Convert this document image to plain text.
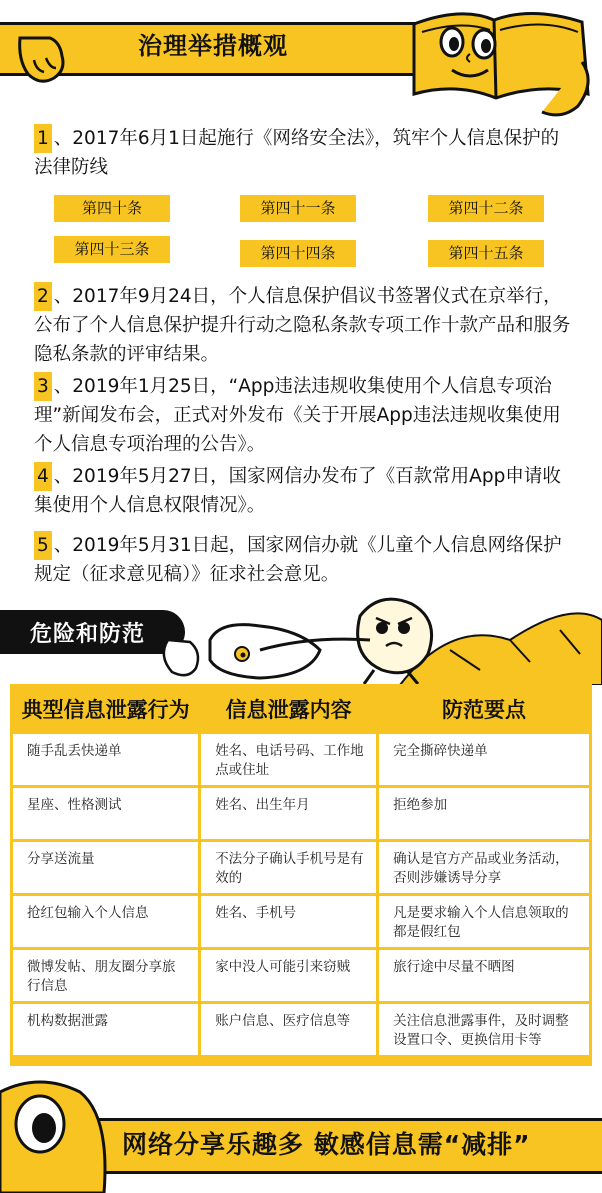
治理举措概观
1 、2017年6月1日起施行《网络安全法》，筑牢个人信息保护的法律防线
第四十条	第四十一条	第四十二条
第四十三条	第四十四条	第四十五条
2 、2017年9月24日，个人信息保护倡议书签署仪式在京举行，公布了个人信息保护提升行动之隐私条款专项工作十款产品和服务隐私条款的评审结果。
3 、2019年1月25日，“App违法违规收集使用个人信息专项治理”新闻发布会，正式对外发布《关于开展App违法违规收集使用个人信息专项治理的公告》。
4 、2019年5月27日，国家网信办发布了《百款常用App申请收集使用个人信息权限情况》。
5 、2019年5月31日起，国家网信办就《儿童个人信息网络保护规定（征求意见稿）》征求社会意见。
危险和防范
典型信息泄露行为	信息泄露内容	防范要点
随手乱丢快递单	姓名、电话号码、工作地点或住址	完全撕碎快递单
星座、性格测试	姓名、出生年月	拒绝参加
分享送流量	不法分子确认手机号是有效的	确认是官方产品或业务活动，否则涉嫌诱导分享
抢红包输入个人信息	姓名、手机号	凡是要求输入个人信息领取的都是假红包
微博发帖、朋友圈分享旅行信息	家中没人可能引来窃贼	旅行途中尽量不晒图
机构数据泄露	账户信息、医疗信息等	关注信息泄露事件，及时调整设置口令、更换信用卡等
网络分享乐趣多 敏感信息需“减排”
